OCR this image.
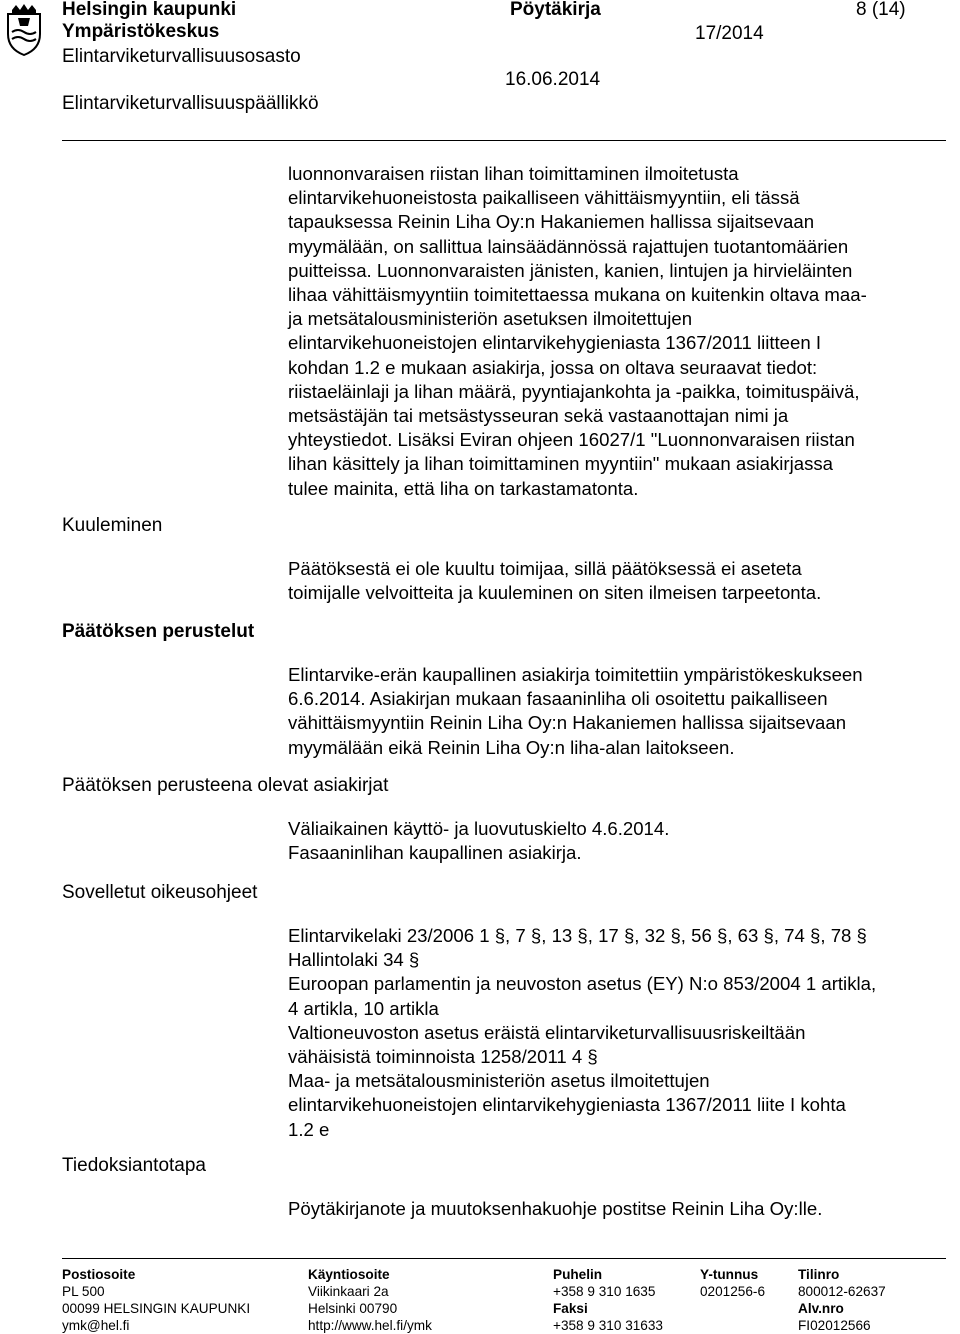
Helsingin kaupunki
Ympäristökeskus
Elintarviketurvallisuusosasto
Elintarviketurvallisuuspäällikkö
Pöytäkirja
17/2014
16.06.2014
8 (14)
Kuuleminen
Päätöksen perustelut
Päätöksen perusteena olevat asiakirjat
Sovelletut oikeusohjeet
Tiedoksiantotapa
luonnonvaraisen riistan lihan toimittaminen ilmoitetusta
elintarvikehuoneistosta paikalliseen vähittäismyyntiin, eli tässä
tapauksessa Reinin Liha Oy:n Hakaniemen hallissa sijaitsevaan
myymälään, on sallittua lainsäädännössä rajattujen tuotantomäärien
puitteissa. Luonnonvaraisten jänisten, kanien, lintujen ja hirvieläinten
lihaa vähittäismyyntiin toimitettaessa mukana on kuitenkin oltava maa-
ja metsätalousministeriön asetuksen ilmoitettujen
elintarvikehuoneistojen elintarvikehygieniasta 1367/2011 liitteen I
kohdan 1.2 e mukaan asiakirja, jossa on oltava seuraavat tiedot:
riistaeläinlaji ja lihan määrä, pyyntiajankohta ja -paikka, toimituspäivä,
metsästäjän tai metsästysseuran sekä vastaanottajan nimi ja
yhteystiedot. Lisäksi Eviran ohjeen 16027/1 "Luonnonvaraisen riistan
lihan käsittely ja lihan toimittaminen myyntiin" mukaan asiakirjassa
tulee mainita, että liha on tarkastamatonta.
Päätöksestä ei ole kuultu toimijaa, sillä päätöksessä ei aseteta
toimijalle velvoitteita ja kuuleminen on siten ilmeisen tarpeetonta.
Elintarvike-erän kaupallinen asiakirja toimitettiin ympäristökeskukseen
6.6.2014. Asiakirjan mukaan fasaaninliha oli osoitettu paikalliseen
vähittäismyyntiin Reinin Liha Oy:n Hakaniemen hallissa sijaitsevaan
myymälään eikä Reinin Liha Oy:n liha-alan laitokseen.
Väliaikainen käyttö- ja luovutuskielto 4.6.2014.
Fasaaninlihan kaupallinen asiakirja.
Elintarvikelaki 23/2006 1 §, 7 §, 13 §, 17 §, 32 §, 56 §, 63 §, 74 §, 78 §
Hallintolaki 34 §
Euroopan parlamentin ja neuvoston asetus (EY) N:o 853/2004 1 artikla,
4 artikla, 10 artikla
Valtioneuvoston asetus eräistä elintarviketurvallisuusriskeiltään
vähäisistä toiminnoista 1258/2011 4 §
Maa- ja metsätalousministeriön asetus ilmoitettujen
elintarvikehuoneistojen elintarvikehygieniasta 1367/2011 liite I kohta
1.2 e
Pöytäkirjanote ja muutoksenhakuohje postitse Reinin Liha Oy:lle.
Postiosoite
PL 500
00099 HELSINGIN KAUPUNKI
ymk@hel.fi
Käyntiosoite
Viikinkaari 2a
Helsinki 00790
http://www.hel.fi/ymk
Puhelin
+358 9 310 1635
Faksi
+358 9 310 31633
Y-tunnus
0201256-6
Tilinro
800012-62637
Alv.nro
FI02012566
